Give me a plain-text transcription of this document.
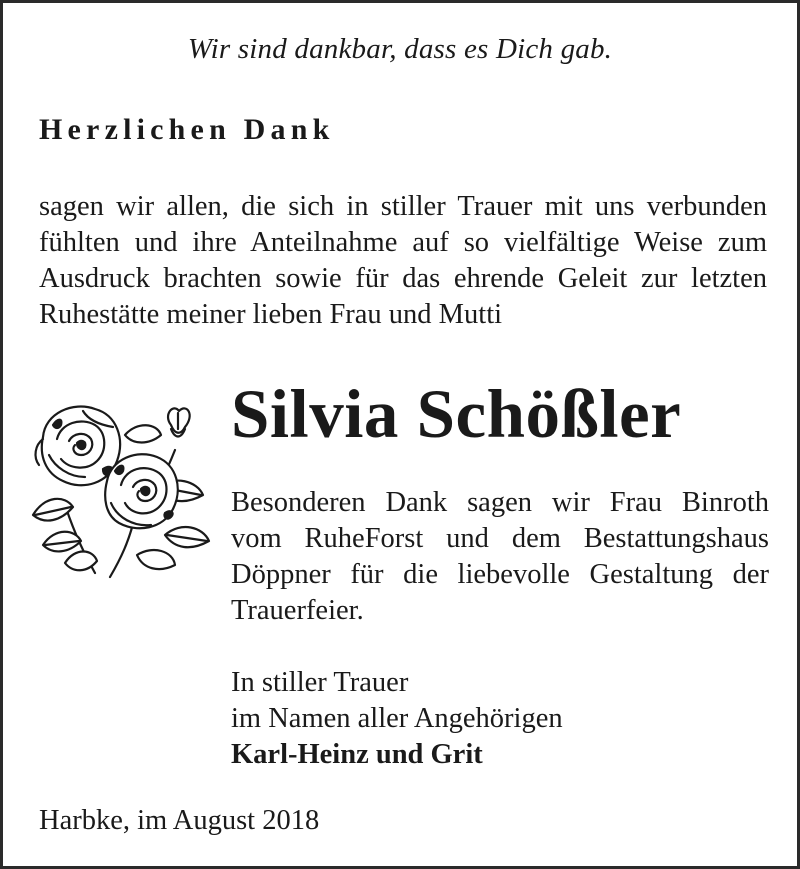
Wir sind dankbar, dass es Dich gab.
Herzlichen Dank
sagen wir allen, die sich in stiller Trauer mit uns verbunden
fühlten und ihre Anteilnahme auf so vielfältige Weise zum
Ausdruck brachten sowie für das ehrende Geleit zur letzten
Ruhestätte meiner lieben Frau und Mutti
Silvia Schößler
Besonderen Dank sagen wir Frau Binroth
vom RuheForst und dem Bestattungshaus
Döppner für die liebevolle Gestaltung der
Trauerfeier.
In stiller Trauer
im Namen aller Angehörigen
Karl-Heinz und Grit
Harbke, im August 2018
